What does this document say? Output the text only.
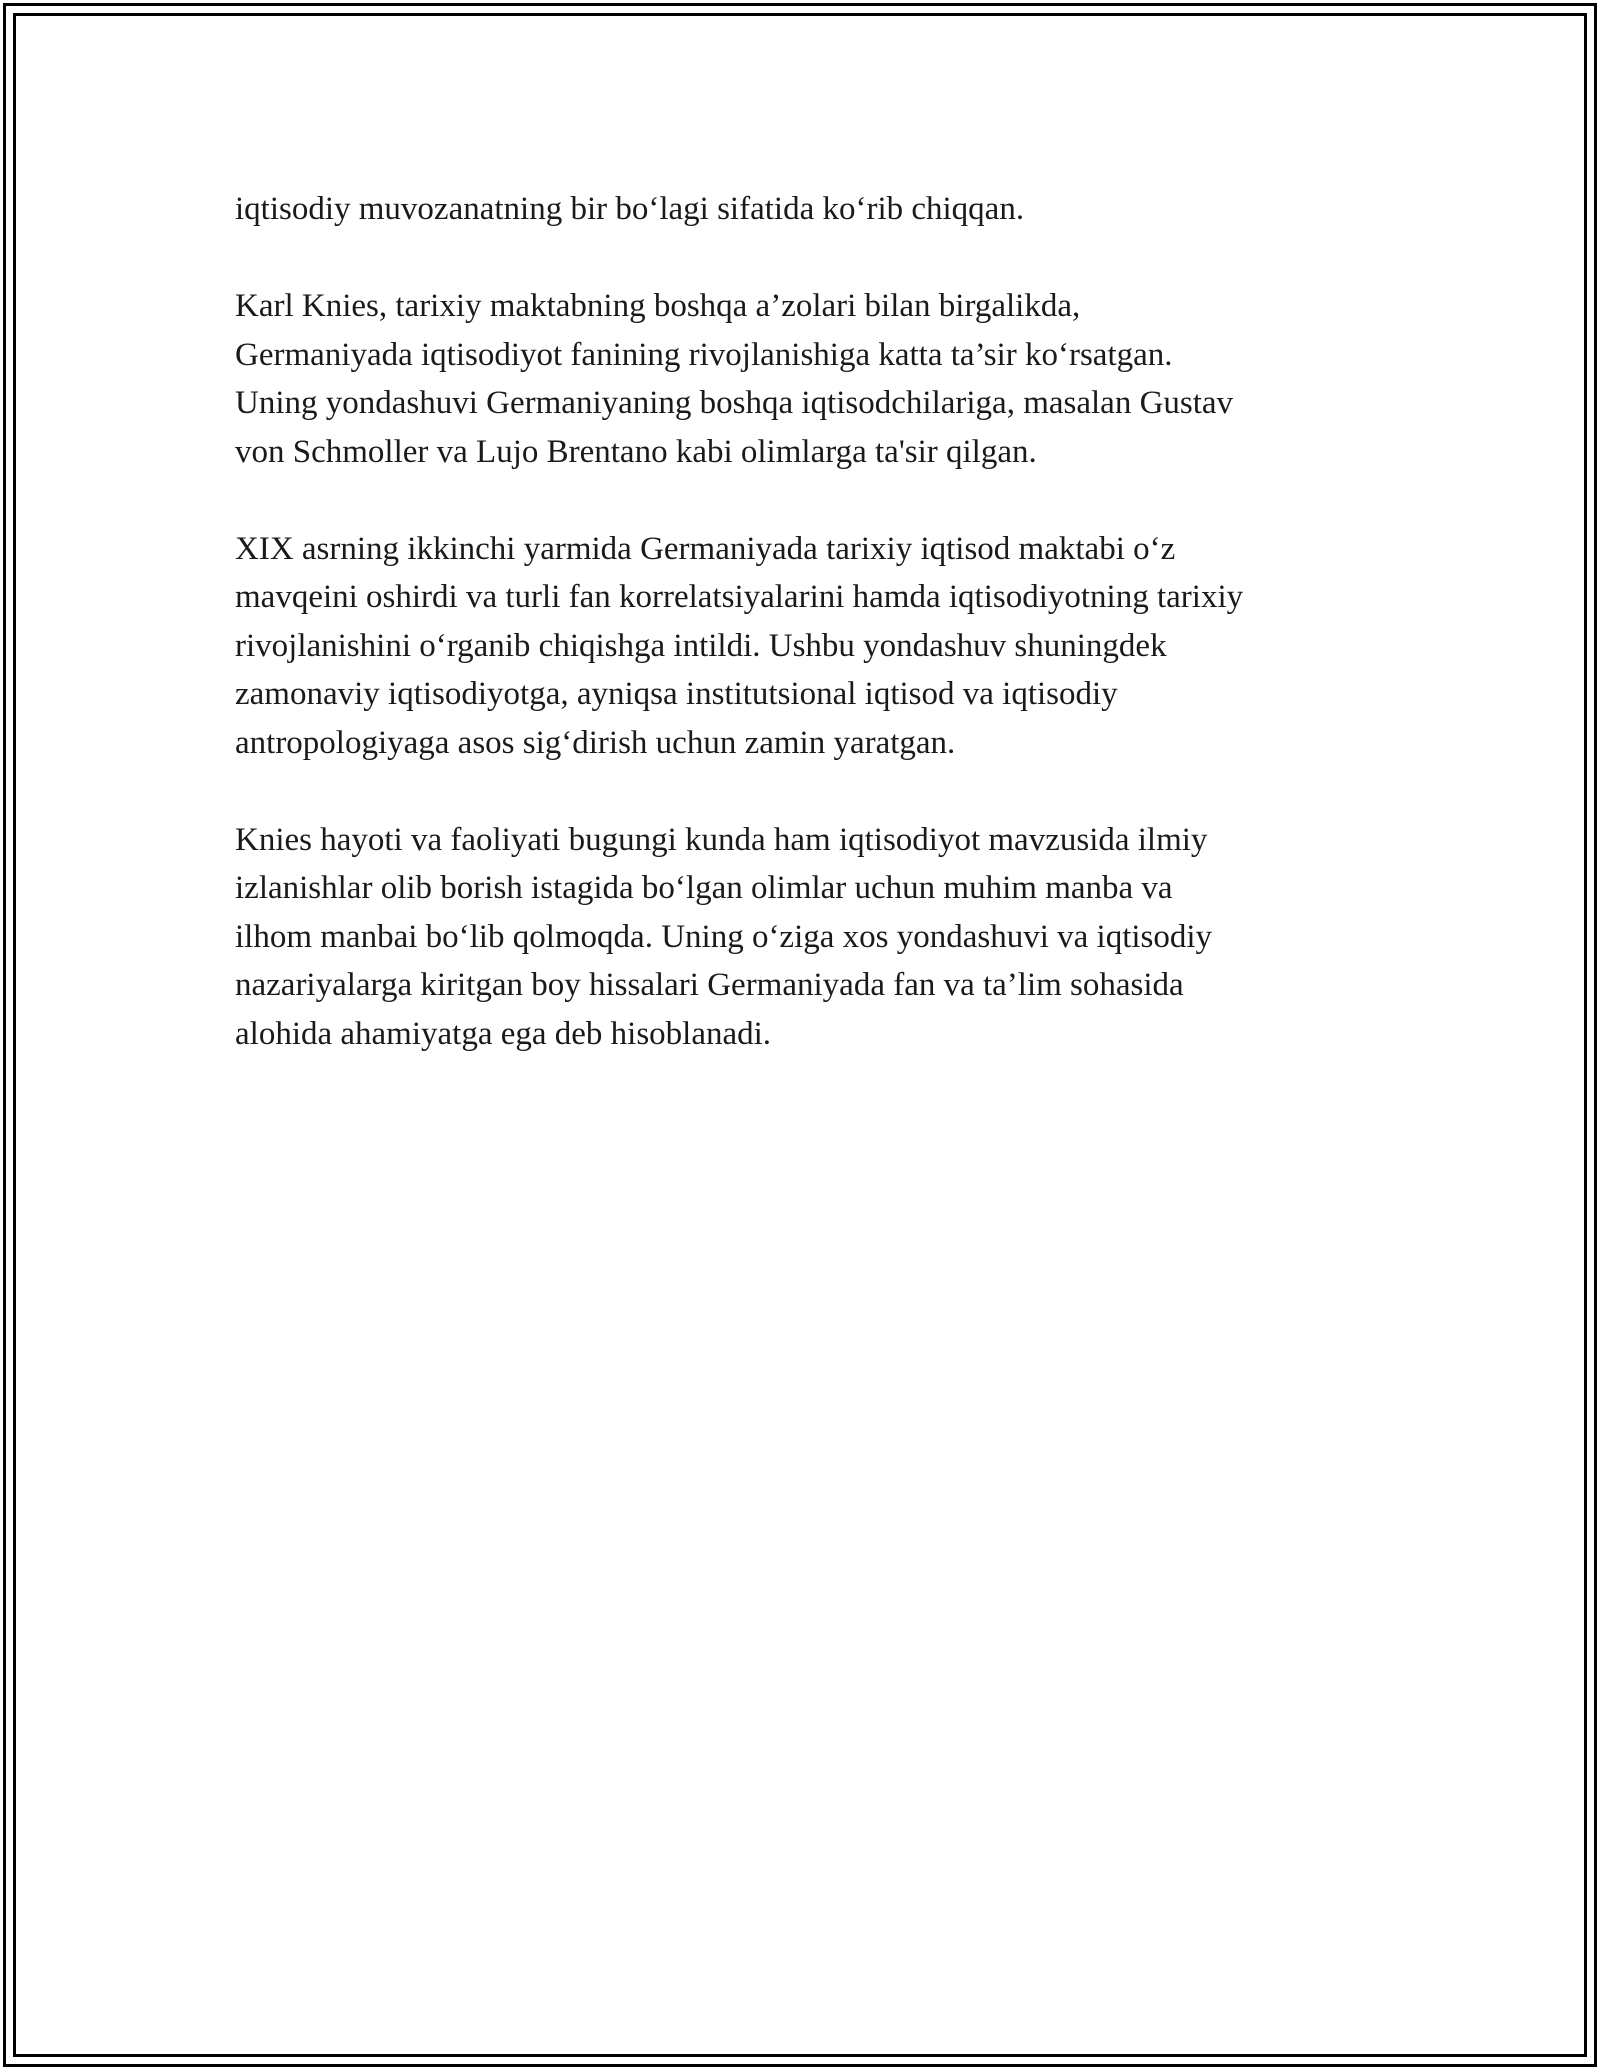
iqtisodiy muvozanatning bir bo‘lagi sifatida ko‘rib chiqqan.

Karl Knies, tarixiy maktabning boshqa a’zolari bilan birgalikda,
Germaniyada iqtisodiyot fanining rivojlanishiga katta ta’sir ko‘rsatgan.
Uning yondashuvi Germaniyaning boshqa iqtisodchilariga, masalan Gustav
von Schmoller va Lujo Brentano kabi olimlarga ta'sir qilgan.

XIX asrning ikkinchi yarmida Germaniyada tarixiy iqtisod maktabi o‘z
mavqeini oshirdi va turli fan korrelatsiyalarini hamda iqtisodiyotning tarixiy
rivojlanishini o‘rganib chiqishga intildi. Ushbu yondashuv shuningdek
zamonaviy iqtisodiyotga, ayniqsa institutsional iqtisod va iqtisodiy
antropologiyaga asos sig‘dirish uchun zamin yaratgan.

Knies hayoti va faoliyati bugungi kunda ham iqtisodiyot mavzusida ilmiy
izlanishlar olib borish istagida bo‘lgan olimlar uchun muhim manba va
ilhom manbai bo‘lib qolmoqda. Uning o‘ziga xos yondashuvi va iqtisodiy
nazariyalarga kiritgan boy hissalari Germaniyada fan va ta’lim sohasida
alohida ahamiyatga ega deb hisoblanadi.
